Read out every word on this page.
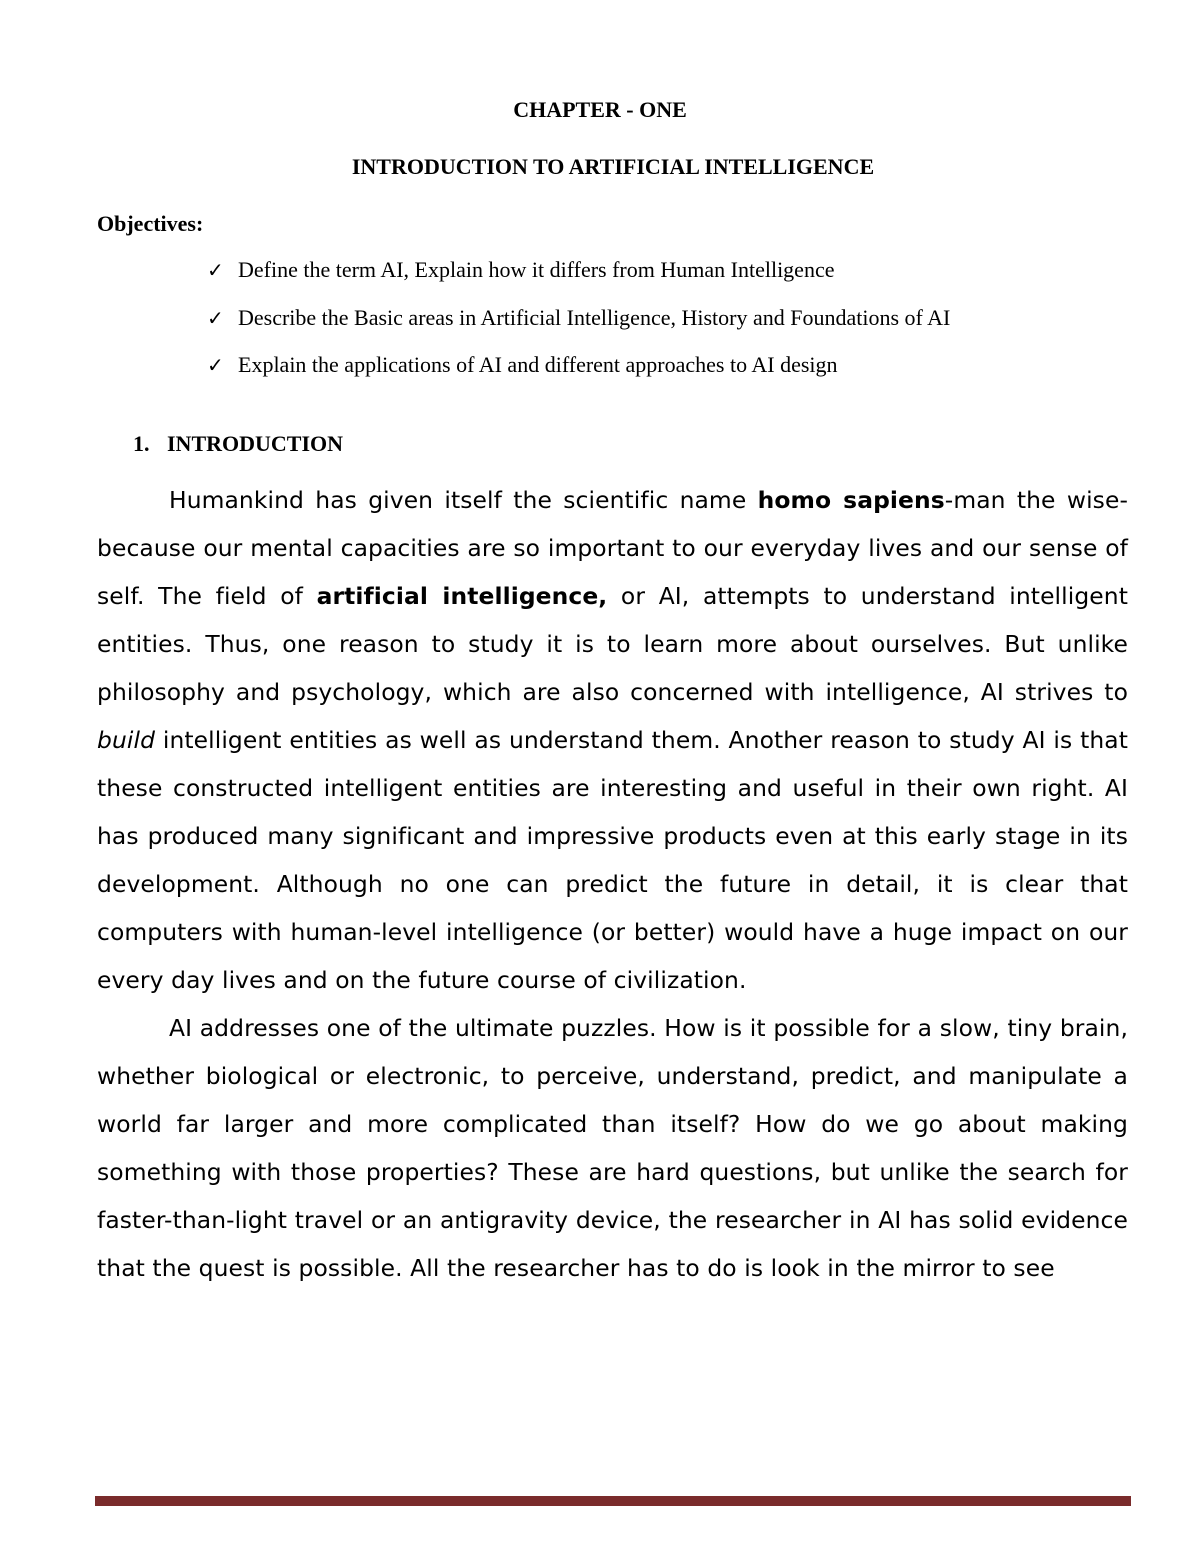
CHAPTER - ONE
INTRODUCTION TO ARTIFICIAL INTELLIGENCE
Objectives:
✓ Define the term AI, Explain how it differs from Human Intelligence
✓ Describe the Basic areas in Artificial Intelligence, History and Foundations of AI
✓ Explain the applications of AI and different approaches to AI design
1. INTRODUCTION

Humankind has given itself the scientific name homo sapiens-man the wise-because our mental capacities are so important to our everyday lives and our sense of self. The field of artificial intelligence, or AI, attempts to understand intelligent entities. Thus, one reason to study it is to learn more about ourselves. But unlike philosophy and psychology, which are also concerned with intelligence, AI strives to build intelligent entities as well as understand them. Another reason to study AI is that these constructed intelligent entities are interesting and useful in their own right. AI has produced many significant and impressive products even at this early stage in its development. Although no one can predict the future in detail, it is clear that computers with human-level intelligence (or better) would have a huge impact on our every day lives and on the future course of civilization.

AI addresses one of the ultimate puzzles. How is it possible for a slow, tiny brain, whether biological or electronic, to perceive, understand, predict, and manipulate a world far larger and more complicated than itself? How do we go about making something with those properties? These are hard questions, but unlike the search for faster-than-light travel or an antigravity device, the researcher in AI has solid evidence that the quest is possible. All the researcher has to do is look in the mirror to see
